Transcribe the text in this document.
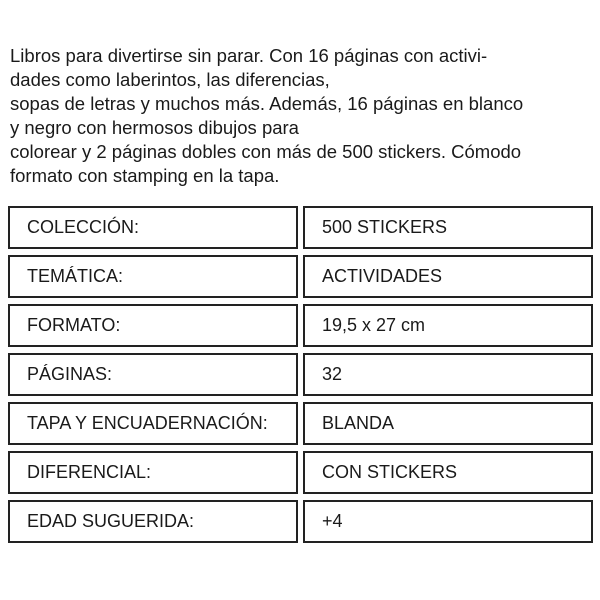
Libros para divertirse sin parar. Con 16 páginas con activi-
dades como laberintos, las diferencias,
sopas de letras y muchos más. Además, 16 páginas en blanco
y negro con hermosos dibujos para
colorear y 2 páginas dobles con más de 500 stickers. Cómodo
formato con stamping en la tapa.

COLECCIÓN:	500 STICKERS
TEMÁTICA:	ACTIVIDADES
FORMATO:	19,5 x 27 cm
PÁGINAS:	32
TAPA Y ENCUADERNACIÓN:	BLANDA
DIFERENCIAL:	CON STICKERS
EDAD SUGUERIDA:	+4
